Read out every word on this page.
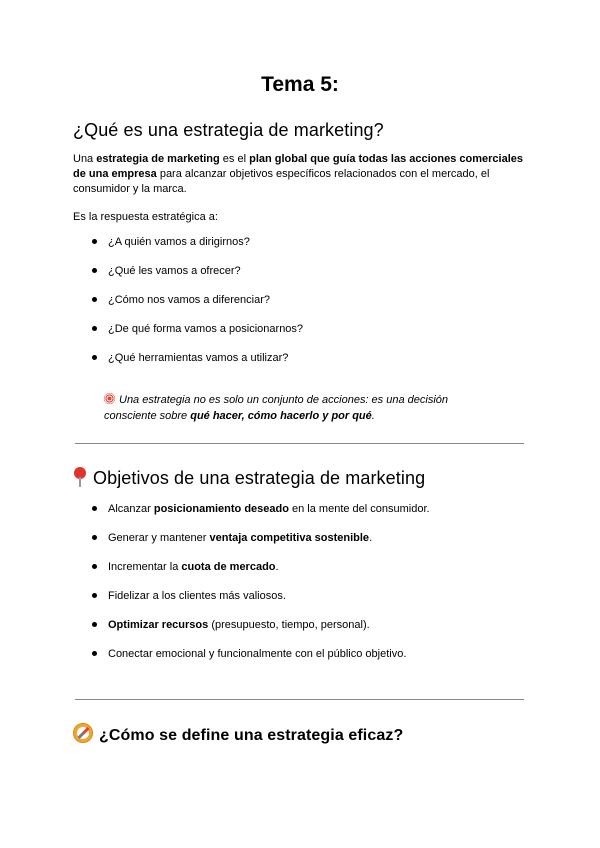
Tema 5:
¿Qué es una estrategia de marketing?
Una estrategia de marketing es el plan global que guía todas las acciones comerciales de una empresa para alcanzar objetivos específicos relacionados con el mercado, el consumidor y la marca.
Es la respuesta estratégica a:
¿A quién vamos a dirigirnos?
¿Qué les vamos a ofrecer?
¿Cómo nos vamos a diferenciar?
¿De qué forma vamos a posicionarnos?
¿Qué herramientas vamos a utilizar?
Una estrategia no es solo un conjunto de acciones: es una decisión consciente sobre qué hacer, cómo hacerlo y por qué.
Objetivos de una estrategia de marketing
Alcanzar posicionamiento deseado en la mente del consumidor.
Generar y mantener ventaja competitiva sostenible.
Incrementar la cuota de mercado.
Fidelizar a los clientes más valiosos.
Optimizar recursos (presupuesto, tiempo, personal).
Conectar emocional y funcionalmente con el público objetivo.
¿Cómo se define una estrategia eficaz?
